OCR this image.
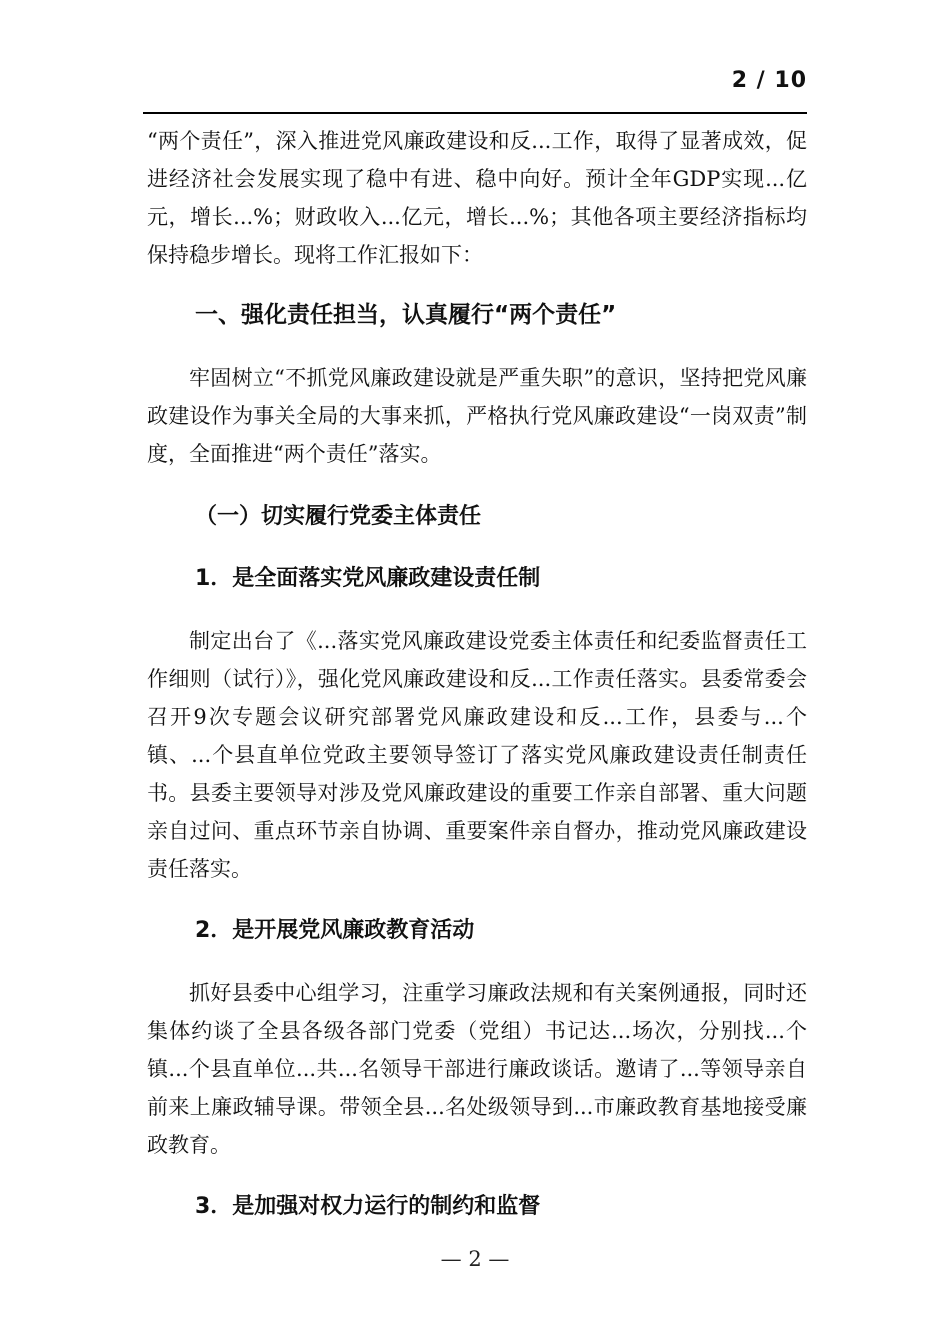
2 / 10

“两个责任”，深入推进党风廉政建设和反...工作，取得了显著成效，促进经济社会发展实现了稳中有进、稳中向好。预计全年GDP实现...亿元，增长...%；财政收入...亿元，增长...%；其他各项主要经济指标均保持稳步增长。现将工作汇报如下：

一、强化责任担当，认真履行“两个责任”

牢固树立“不抓党风廉政建设就是严重失职”的意识，坚持把党风廉政建设作为事关全局的大事来抓，严格执行党风廉政建设“一岗双责”制度，全面推进“两个责任”落实。

（一）切实履行党委主体责任

1．是全面落实党风廉政建设责任制

制定出台了《...落实党风廉政建设党委主体责任和纪委监督责任工作细则（试行）》，强化党风廉政建设和反...工作责任落实。县委常委会召开9次专题会议研究部署党风廉政建设和反...工作，县委与...个镇、...个县直单位党政主要领导签订了落实党风廉政建设责任制责任书。县委主要领导对涉及党风廉政建设的重要工作亲自部署、重大问题亲自过问、重点环节亲自协调、重要案件亲自督办，推动党风廉政建设责任落实。

2．是开展党风廉政教育活动

抓好县委中心组学习，注重学习廉政法规和有关案例通报，同时还集体约谈了全县各级各部门党委（党组）书记达...场次，分别找...个镇...个县直单位...共...名领导干部进行廉政谈话。邀请了...等领导亲自前来上廉政辅导课。带领全县...名处级领导到...市廉政教育基地接受廉政教育。

3．是加强对权力运行的制约和监督

— 2 —
